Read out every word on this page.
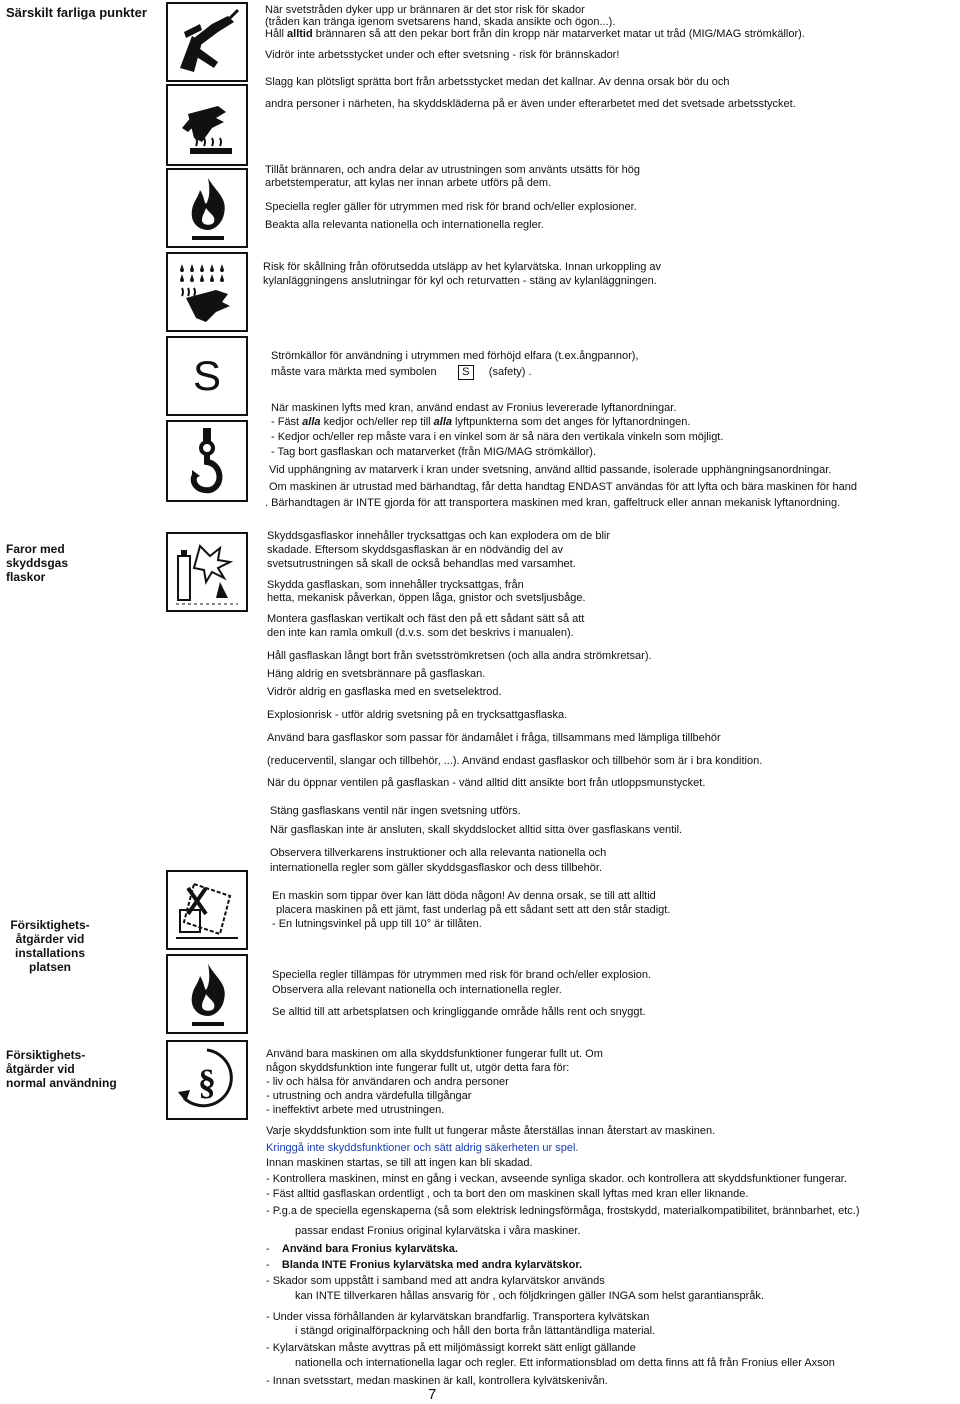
Särskilt farliga punkter
Faror med
skyddsgas
flaskor
Försiktighets-
åtgärder vid
installations
platsen
Försiktighets-
åtgärder vid
normal användning
S
§
När svetstråden dyker upp ur brännaren är det stor risk för skador
(tråden kan tränga igenom svetsarens hand, skada ansikte och ögon...).
Håll alltid brännaren så att den pekar bort från din kropp när matarverket matar ut tråd (MIG/MAG strömkällor).
Vidrör inte arbetsstycket under och efter svetsning - risk för brännskador!
Slagg kan plötsligt sprätta bort från arbetsstycket medan det kallnar. Av denna orsak bör du och
andra personer i närheten, ha skyddskläderna på er även under efterarbetet med det svetsade arbetsstycket.
Tillåt brännaren, och andra delar av utrustningen som använts utsätts för hög
arbetstemperatur, att kylas ner innan arbete utförs på dem.
Speciella regler gäller för utrymmen med risk för brand och/eller explosioner.
Beakta alla relevanta nationella och internationella regler.
Risk för skållning från oförutsedda utsläpp av het kylarvätska. Innan urkoppling av
kylanläggningens anslutningar för kyl och returvatten - stäng av kylanläggningen.
Strömkällor för användning i utrymmen med förhöjd elfara (t.ex.ångpannor),
måste vara märkta med symbolen S (safety) .
När maskinen lyfts med kran, använd endast av Fronius levererade lyftanordningar.
- Fäst alla kedjor och/eller rep till alla lyftpunkterna som det anges för lyftanordningen.
- Kedjor och/eller rep måste vara i en vinkel som är så nära den vertikala vinkeln som möjligt.
- Tag bort gasflaskan och matarverket (från MIG/MAG strömkällor).
Vid upphängning av matarverk i kran under svetsning, använd alltid passande, isolerade upphängningsanordningar.
Om maskinen är utrustad med bärhandtag, får detta handtag ENDAST användas för att lyfta och bära maskinen för hand
. Bärhandtagen är INTE gjorda för att transportera maskinen med kran, gaffeltruck eller annan mekanisk lyftanordning.
Skyddsgasflaskor innehåller trycksattgas och kan explodera om de blir
skadade. Eftersom skyddsgasflaskan är en nödvändig del av
svetsutrustningen så skall de också behandlas med varsamhet.
Skydda gasflaskan, som innehåller trycksattgas, från
hetta, mekanisk påverkan, öppen låga, gnistor och svetsljusbåge.
Montera gasflaskan vertikalt och fäst den på ett sådant sätt så att
den inte kan ramla omkull (d.v.s. som det beskrivs i manualen).
Håll gasflaskan långt bort från svetsströmkretsen (och alla andra strömkretsar).
Häng aldrig en svetsbrännare på gasflaskan.
Vidrör aldrig en gasflaska med en svetselektrod.
Explosionrisk - utför aldrig svetsning på en trycksattgasflaska.
Använd bara gasflaskor som passar för ändamålet i fråga, tillsammans med lämpliga tillbehör
(reducerventil, slangar och tillbehör, ...). Använd endast gasflaskor och tillbehör som är i bra kondition.
När du öppnar ventilen på gasflaskan - vänd alltid ditt ansikte bort från utloppsmunstycket.
Stäng gasflaskans ventil när ingen svetsning utförs.
När gasflaskan inte är ansluten, skall skyddslocket alltid sitta över gasflaskans ventil.
Observera tillverkarens instruktioner och alla relevanta nationella och
internationella regler som gäller skyddsgasflaskor och dess tillbehör.
En maskin som tippar över kan lätt döda någon! Av denna orsak, se till att alltid
placera maskinen på ett jämt, fast underlag på ett sådant sett att den står stadigt.
- En lutningsvinkel på upp till 10° är tillåten.
Speciella regler tillämpas för utrymmen med risk för brand och/eller explosion.
Observera alla relevant nationella och internationella regler.
Se alltid till att arbetsplatsen och kringliggande område hålls rent och snyggt.
Använd bara maskinen om alla skyddsfunktioner fungerar fullt ut. Om
någon skyddsfunktion inte fungerar fullt ut, utgör detta fara för:
- liv och hälsa för användaren och andra personer
- utrustning och andra värdefulla tillgångar
- ineffektivt arbete med utrustningen.
Varje skyddsfunktion som inte fullt ut fungerar måste återställas innan återstart av maskinen.
Kringgå inte skyddsfunktioner och sätt aldrig säkerheten ur spel.
Innan maskinen startas, se till att ingen kan bli skadad.
- Kontrollera maskinen, minst en gång i veckan, avseende synliga skador. och kontrollera att skyddsfunktioner fungerar.
- Fäst alltid gasflaskan ordentligt , och ta bort den om maskinen skall lyftas med kran eller liknande.
- P.g.a de speciella egenskaperna (så som elektrisk ledningsförmåga, frostskydd, materialkompatibilitet, brännbarhet, etc.)
passar endast Fronius original kylarvätska i våra maskiner.
-    Använd bara Fronius kylarvätska.
-    Blanda INTE Fronius kylarvätska med andra kylarvätskor.
- Skador som uppstått i samband med att andra kylarvätskor används
kan INTE tillverkaren hållas ansvarig för , och följdkringen gäller INGA som helst garantianspråk.
- Under vissa förhållanden är kylarvätskan brandfarlig. Transportera kylvätskan
i stängd originalförpackning och håll den borta från lättantändliga material.
- Kylarvätskan måste avyttras på ett miljömässigt korrekt sätt enligt gällande
nationella och internationella lagar och regler. Ett informationsblad om detta finns att få från Fronius eller Axson
- Innan svetsstart, medan maskinen är kall, kontrollera kylvätskenivån.
7
